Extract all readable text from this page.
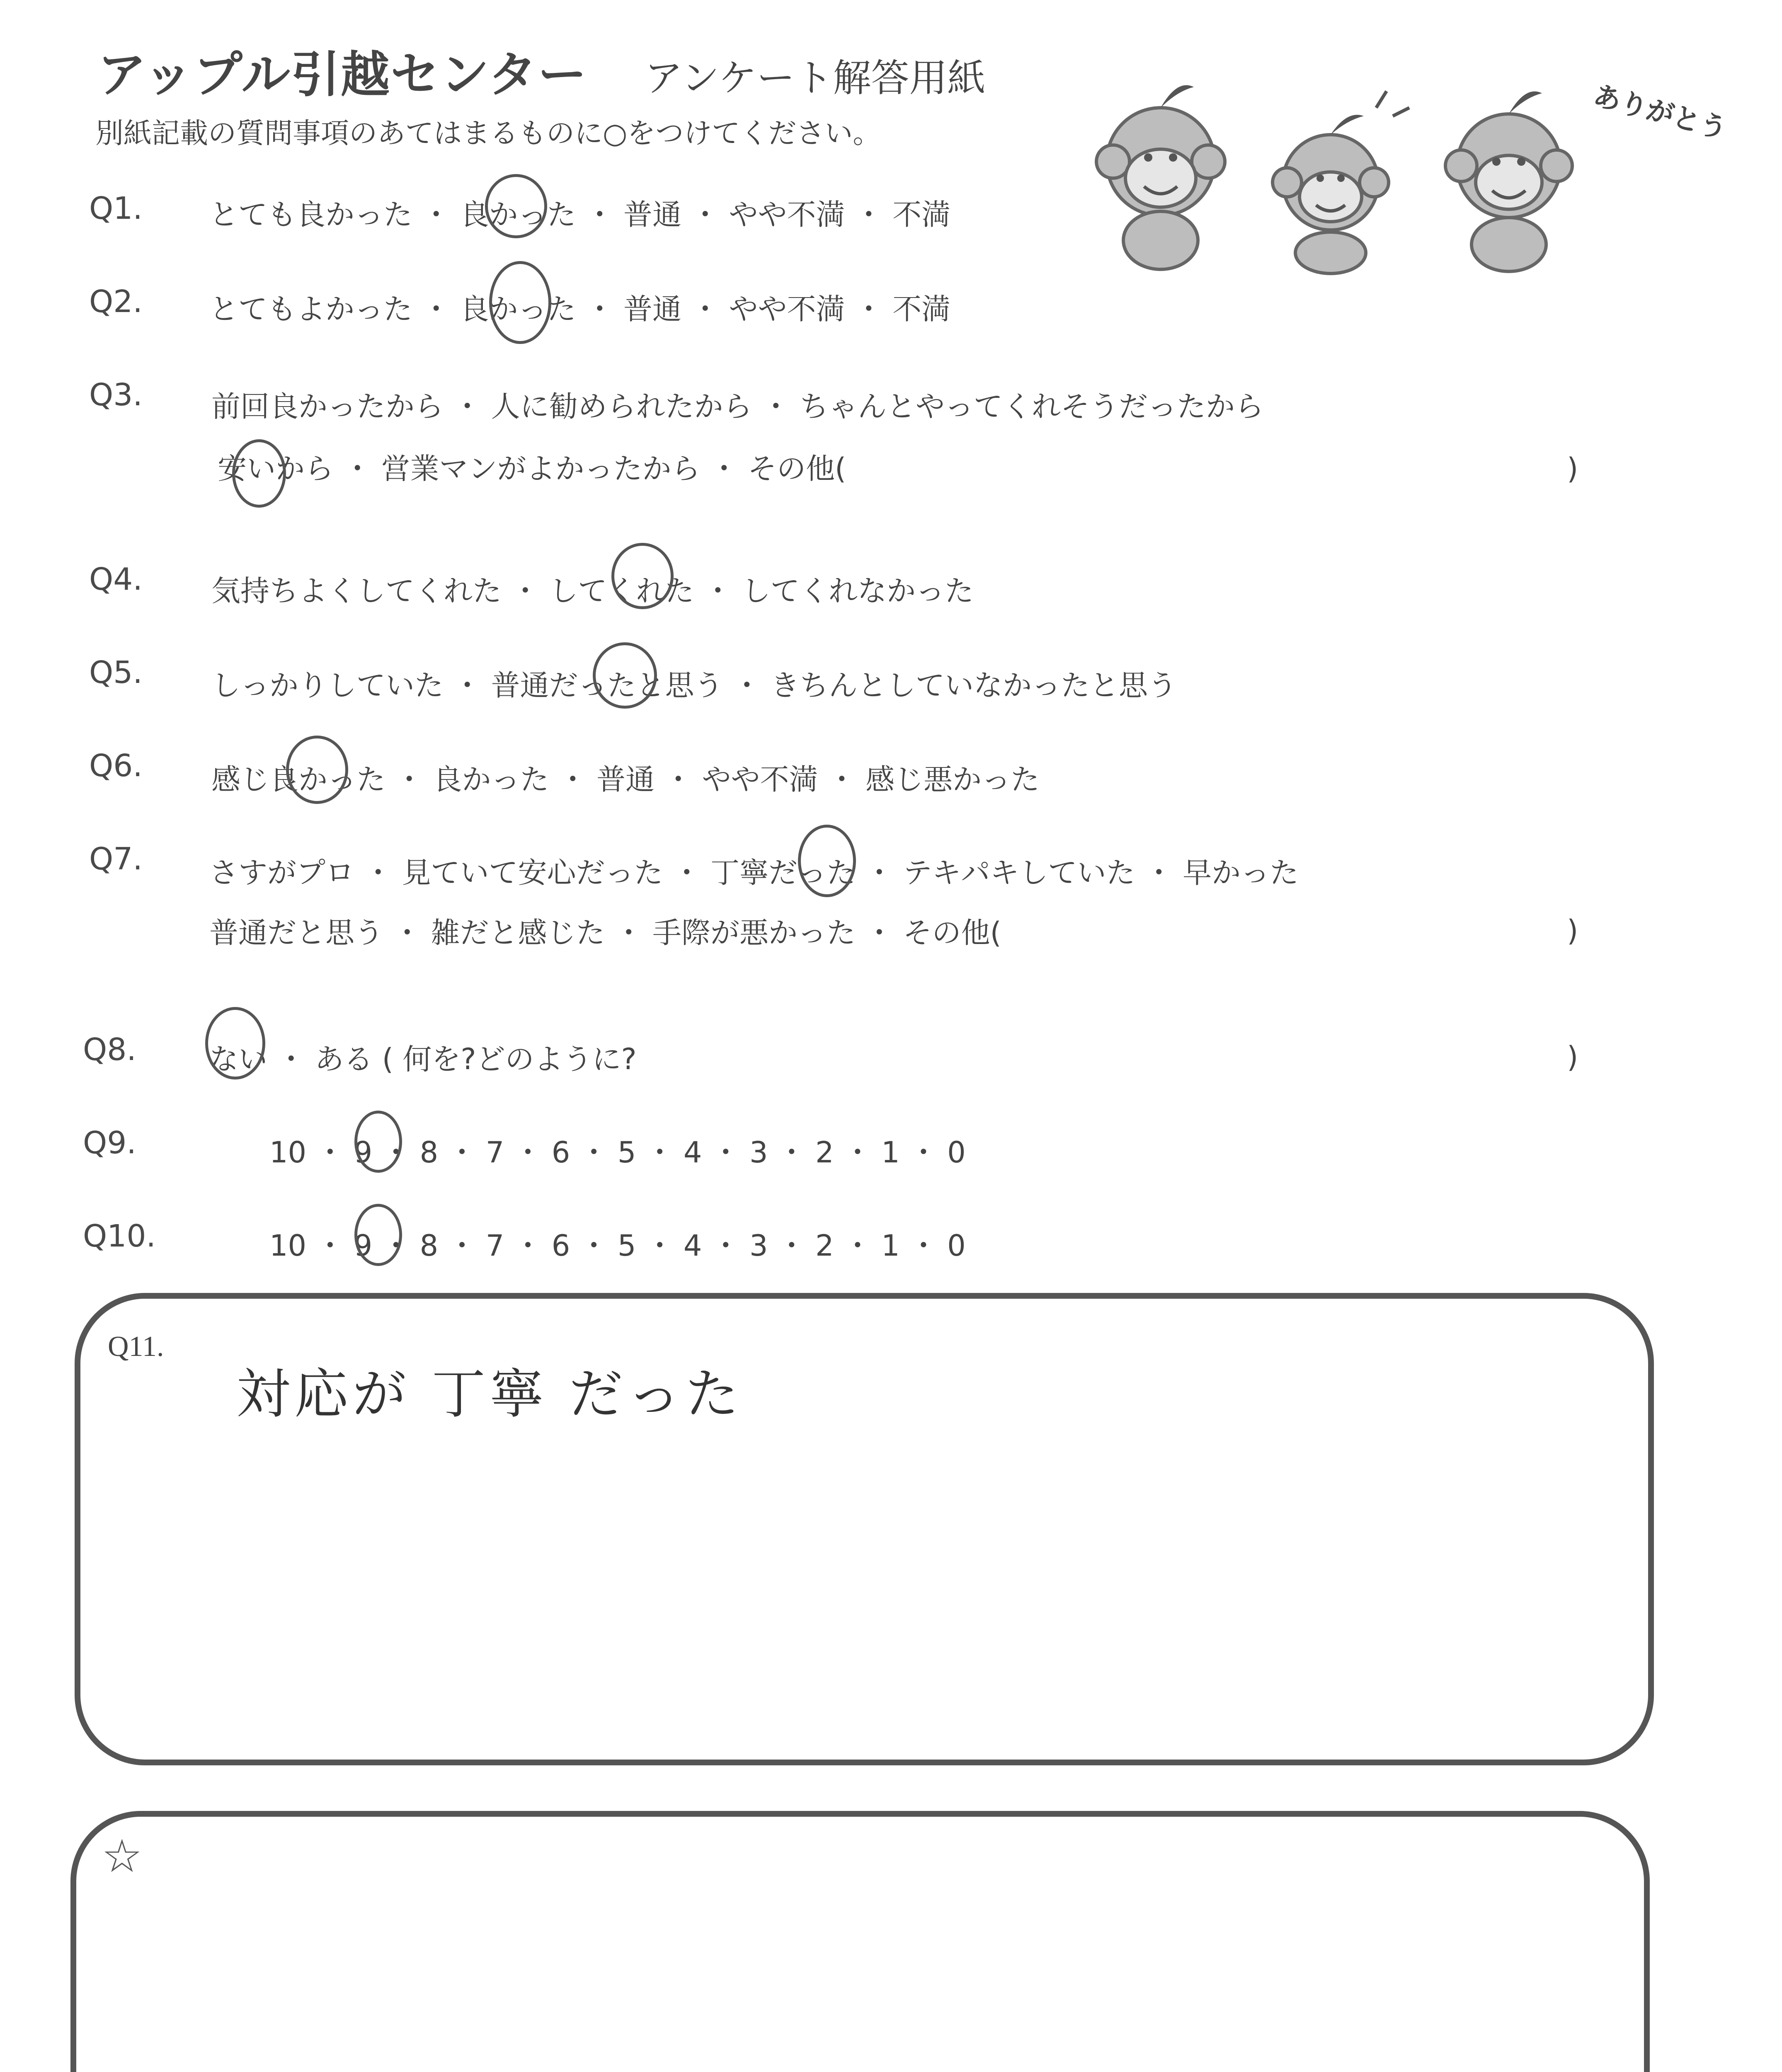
アップル引越センター アンケート解答用紙
別紙記載の質問事項のあてはまるものに○をつけてください。	ありがとう
Q1. とても良かった ・ 良かった ・ 普通 ・ やや不満 ・ 不満
Q2. とてもよかった ・ 良かった ・ 普通 ・ やや不満 ・ 不満
Q3. 前回良かったから ・ 人に勧められたから ・ ちゃんとやってくれそうだったから
安いから ・ 営業マンがよかったから ・ その他(	)
Q4. 気持ちよくしてくれた ・ してくれた ・ してくれなかった
Q5. しっかりしていた ・ 普通だったと思う ・ きちんとしていなかったと思う
Q6. 感じ良かった ・ 良かった ・ 普通 ・ やや不満 ・ 感じ悪かった
Q7. さすがプロ ・ 見ていて安心だった ・ 丁寧だった ・ テキパキしていた ・ 早かった
普通だと思う ・ 雑だと感じた ・ 手際が悪かった ・ その他(	)
Q8.	ない ・ ある ( 何を?どのように?	)
Q9.	10 ・ 9 ・ 8 ・ 7 ・ 6 ・ 5 ・ 4 ・ 3 ・ 2 ・ 1 ・ 0
Q10.	10 ・ 9 ・ 8 ・ 7 ・ 6 ・ 5 ・ 4 ・ 3 ・ 2 ・ 1 ・ 0
Q11.
対応が 丁寧 だった
☆
